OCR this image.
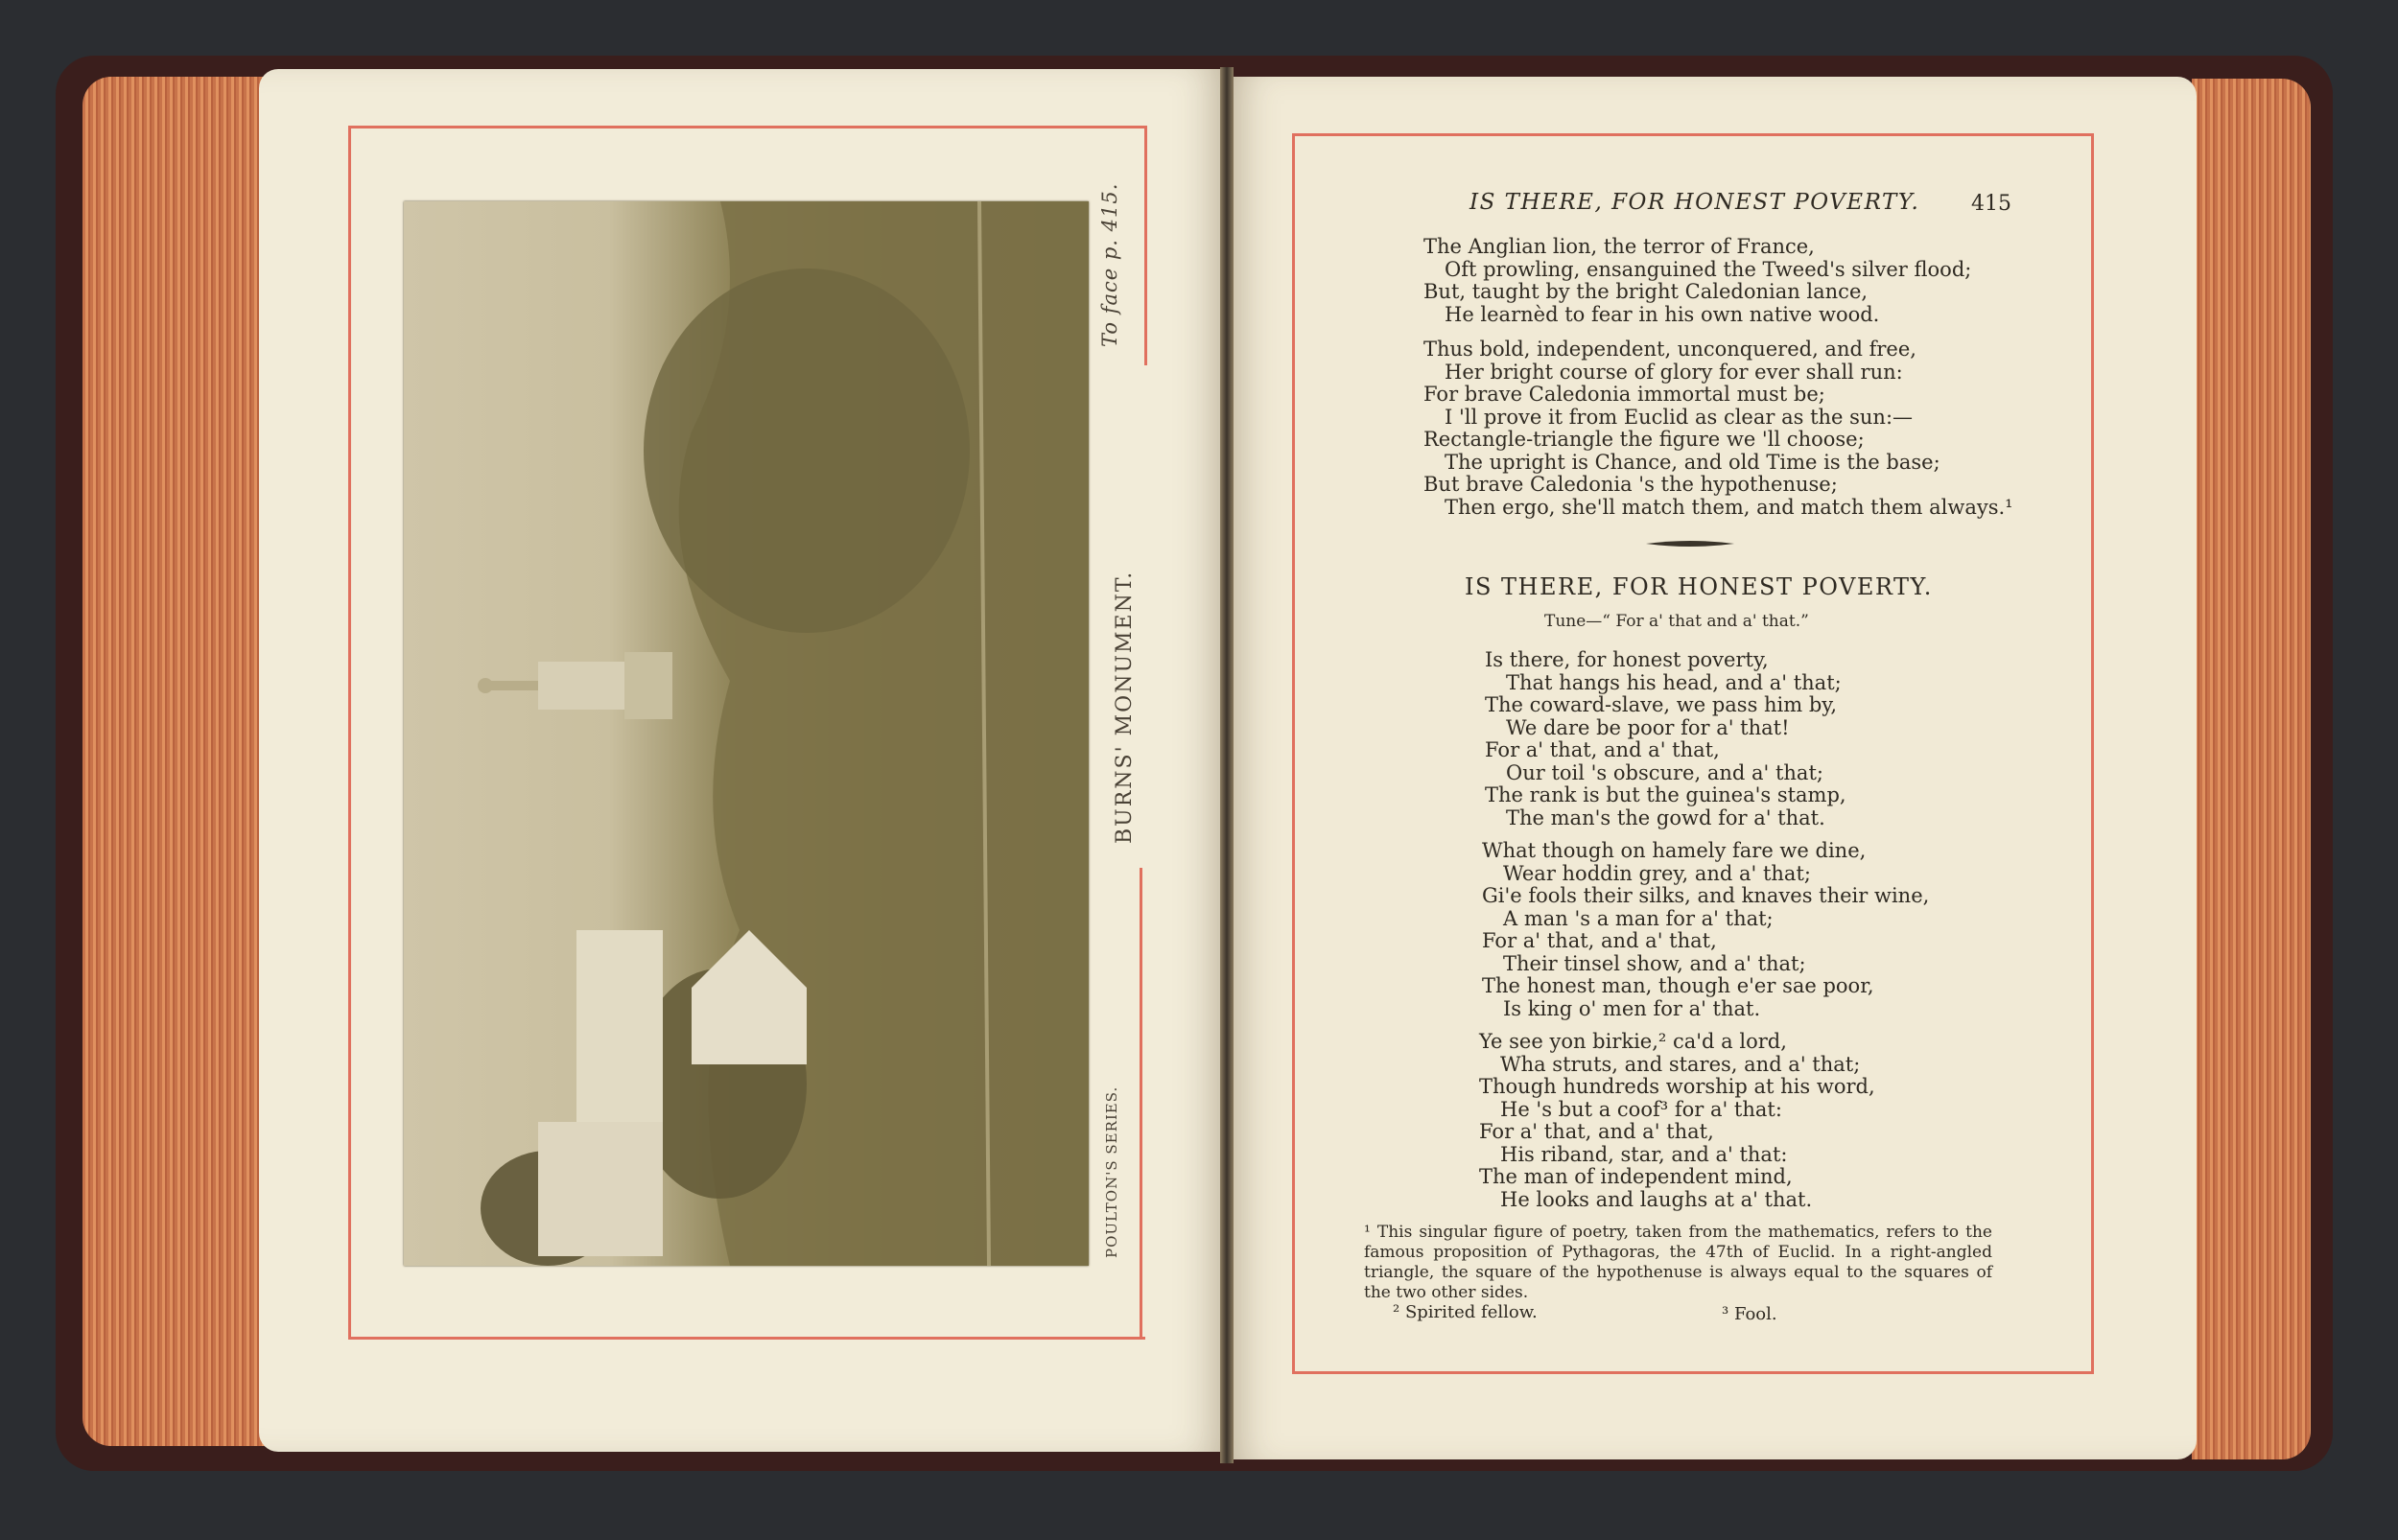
To face p. 415.
BURNS' MONUMENT.
POULTON'S SERIES.
IS THERE, FOR HONEST POVERTY. 415
The Anglian lion, the terror of France,
Oft prowling, ensanguined the Tweed's silver flood;
But, taught by the bright Caledonian lance,
He learnèd to fear in his own native wood.
Thus bold, independent, unconquered, and free,
Her bright course of glory for ever shall run:
For brave Caledonia immortal must be;
I 'll prove it from Euclid as clear as the sun:—
Rectangle-triangle the figure we 'll choose;
The upright is Chance, and old Time is the base;
But brave Caledonia 's the hypothenuse;
Then ergo, she'll match them, and match them always.¹
IS THERE, FOR HONEST POVERTY.
Tune—“ For a' that and a' that.”
Is there, for honest poverty,
That hangs his head, and a' that;
The coward-slave, we pass him by,
We dare be poor for a' that!
For a' that, and a' that,
Our toil 's obscure, and a' that;
The rank is but the guinea's stamp,
The man's the gowd for a' that.
What though on hamely fare we dine,
Wear hoddin grey, and a' that;
Gi'e fools their silks, and knaves their wine,
A man 's a man for a' that;
For a' that, and a' that,
Their tinsel show, and a' that;
The honest man, though e'er sae poor,
Is king o' men for a' that.
Ye see yon birkie,² ca'd a lord,
Wha struts, and stares, and a' that;
Though hundreds worship at his word,
He 's but a coof³ for a' that:
For a' that, and a' that,
His riband, star, and a' that:
The man of independent mind,
He looks and laughs at a' that.
¹ This singular figure of poetry, taken from the mathematics, refers to the famous proposition of Pythagoras, the 47th of Euclid. In a right-angled triangle, the square of the hypothenuse is always equal to the squares of the two other sides.
² Spirited fellow.	³ Fool.
